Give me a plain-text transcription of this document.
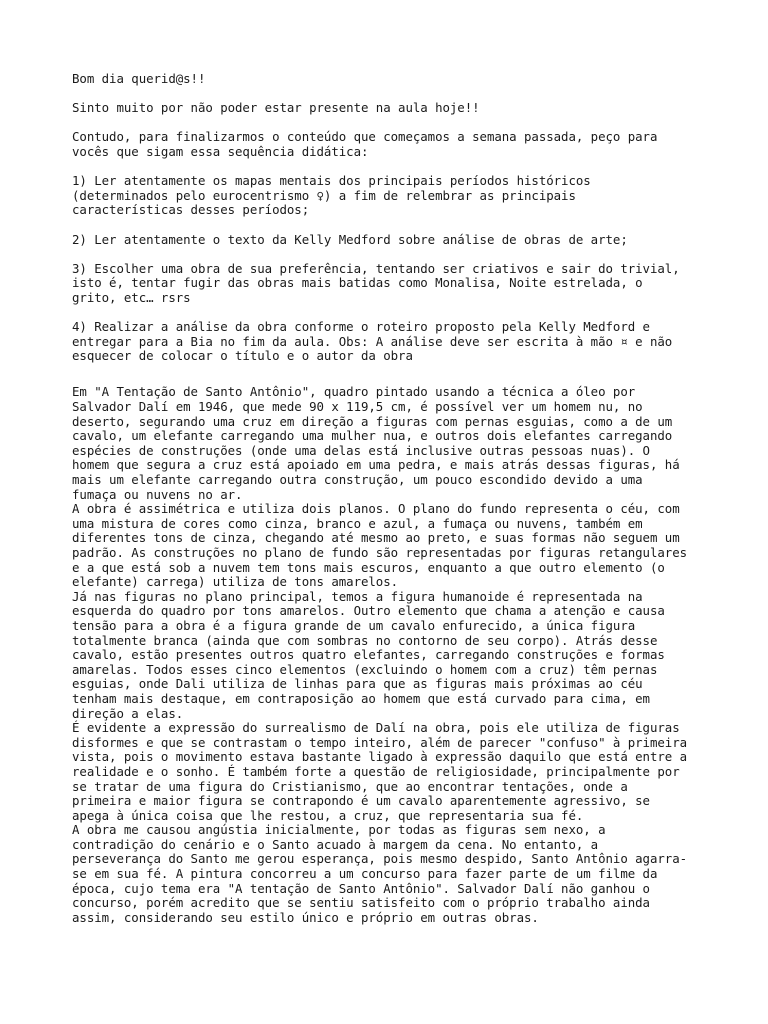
Bom dia querid@s!!

Sinto muito por não poder estar presente na aula hoje!!

Contudo, para finalizarmos o conteúdo que começamos a semana passada, peço para
vocês que sigam essa sequência didática:

1) Ler atentamente os mapas mentais dos principais períodos históricos
(determinados pelo eurocentrismo ♀) a fim de relembrar as principais
características desses períodos;

2) Ler atentamente o texto da Kelly Medford sobre análise de obras de arte;

3) Escolher uma obra de sua preferência, tentando ser criativos e sair do trivial,
isto é, tentar fugir das obras mais batidas como Monalisa, Noite estrelada, o
grito, etc… rsrs

4) Realizar a análise da obra conforme o roteiro proposto pela Kelly Medford e
entregar para a Bia no fim da aula. Obs: A análise deve ser escrita à mão ¤ e não
esquecer de colocar o título e o autor da obra

Em "A Tentação de Santo Antônio", quadro pintado usando a técnica a óleo por
Salvador Dalí em 1946, que mede 90 x 119,5 cm, é possível ver um homem nu, no
deserto, segurando uma cruz em direção a figuras com pernas esguias, como a de um
cavalo, um elefante carregando uma mulher nua, e outros dois elefantes carregando
espécies de construções (onde uma delas está inclusive outras pessoas nuas). O
homem que segura a cruz está apoiado em uma pedra, e mais atrás dessas figuras, há
mais um elefante carregando outra construção, um pouco escondido devido a uma
fumaça ou nuvens no ar.

A obra é assimétrica e utiliza dois planos. O plano do fundo representa o céu, com
uma mistura de cores como cinza, branco e azul, a fumaça ou nuvens, também em
diferentes tons de cinza, chegando até mesmo ao preto, e suas formas não seguem um
padrão. As construções no plano de fundo são representadas por figuras retangulares
e a que está sob a nuvem tem tons mais escuros, enquanto a que outro elemento (o
elefante) carrega) utiliza de tons amarelos.

Já nas figuras no plano principal, temos a figura humanoide é representada na
esquerda do quadro por tons amarelos. Outro elemento que chama a atenção e causa
tensão para a obra é a figura grande de um cavalo enfurecido, a única figura
totalmente branca (ainda que com sombras no contorno de seu corpo). Atrás desse
cavalo, estão presentes outros quatro elefantes, carregando construções e formas
amarelas. Todos esses cinco elementos (excluindo o homem com a cruz) têm pernas
esguias, onde Dali utiliza de linhas para que as figuras mais próximas ao céu
tenham mais destaque, em contraposição ao homem que está curvado para cima, em
direção a elas.

É evidente a expressão do surrealismo de Dalí na obra, pois ele utiliza de figuras
disformes e que se contrastam o tempo inteiro, além de parecer "confuso" à primeira
vista, pois o movimento estava bastante ligado à expressão daquilo que está entre a
realidade e o sonho. É também forte a questão de religiosidade, principalmente por
se tratar de uma figura do Cristianismo, que ao encontrar tentações, onde a
primeira e maior figura se contrapondo é um cavalo aparentemente agressivo, se
apega à única coisa que lhe restou, a cruz, que representaria sua fé.

A obra me causou angústia inicialmente, por todas as figuras sem nexo, a
contradição do cenário e o Santo acuado à margem da cena. No entanto, a
perseverança do Santo me gerou esperança, pois mesmo despido, Santo Antônio agarra-
se em sua fé. A pintura concorreu a um concurso para fazer parte de um filme da
época, cujo tema era "A tentação de Santo Antônio". Salvador Dalí não ganhou o
concurso, porém acredito que se sentiu satisfeito com o próprio trabalho ainda
assim, considerando seu estilo único e próprio em outras obras.
